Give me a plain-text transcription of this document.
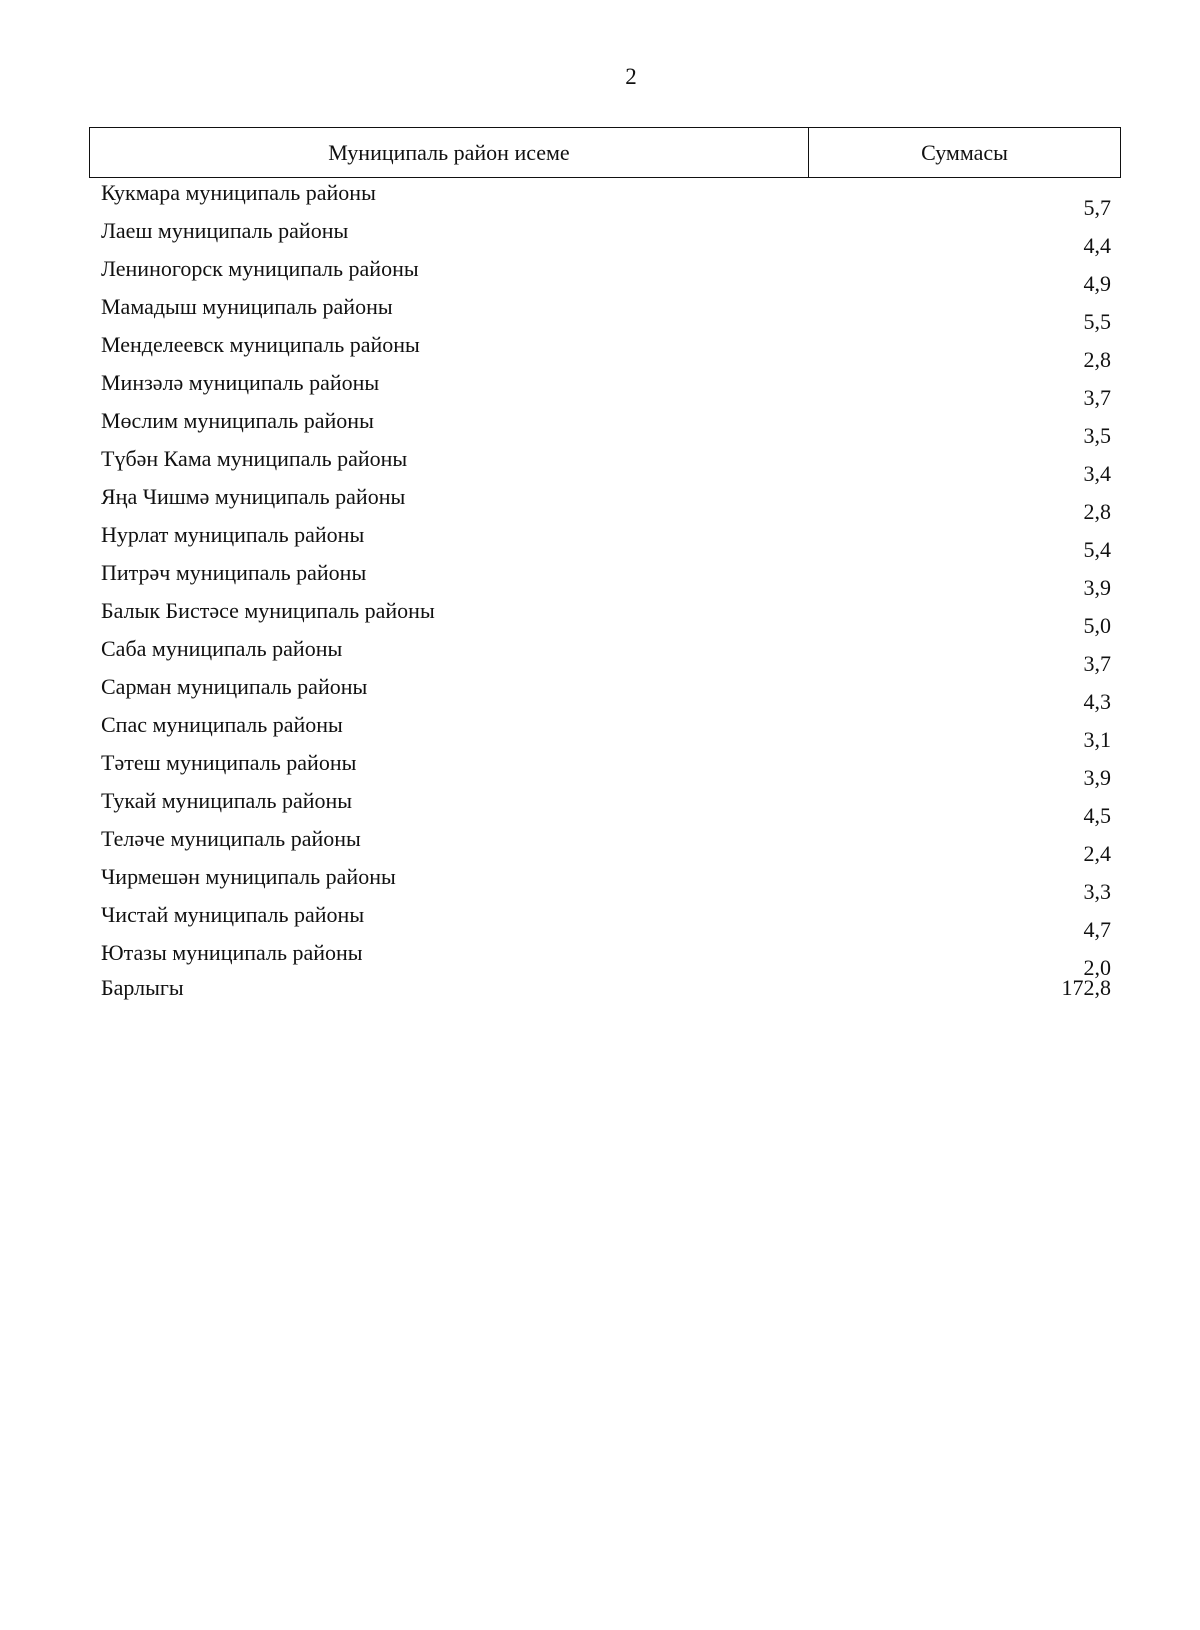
2
Муниципаль район исеме	Суммасы
Кукмара муниципаль районы
5,7
Лаеш муниципаль районы
4,4
Лениногорск муниципаль районы
4,9
Мамадыш муниципаль районы
5,5
Менделеевск муниципаль районы
2,8
Минзәлә муниципаль районы
3,7
Мөслим муниципаль районы
3,5
Түбән Кама муниципаль районы
3,4
Яңа Чишмә муниципаль районы
2,8
Нурлат муниципаль районы
5,4
Питрәч муниципаль районы
3,9
Балык Бистәсе муниципаль районы
5,0
Саба муниципаль районы
3,7
Сарман муниципаль районы
4,3
Спас муниципаль районы
3,1
Тәтеш муниципаль районы
3,9
Тукай муниципаль районы
4,5
Теләче муниципаль районы
2,4
Чирмешән муниципаль районы
3,3
Чистай муниципаль районы
4,7
Ютазы муниципаль районы
2,0
Барлыгы	172,8
